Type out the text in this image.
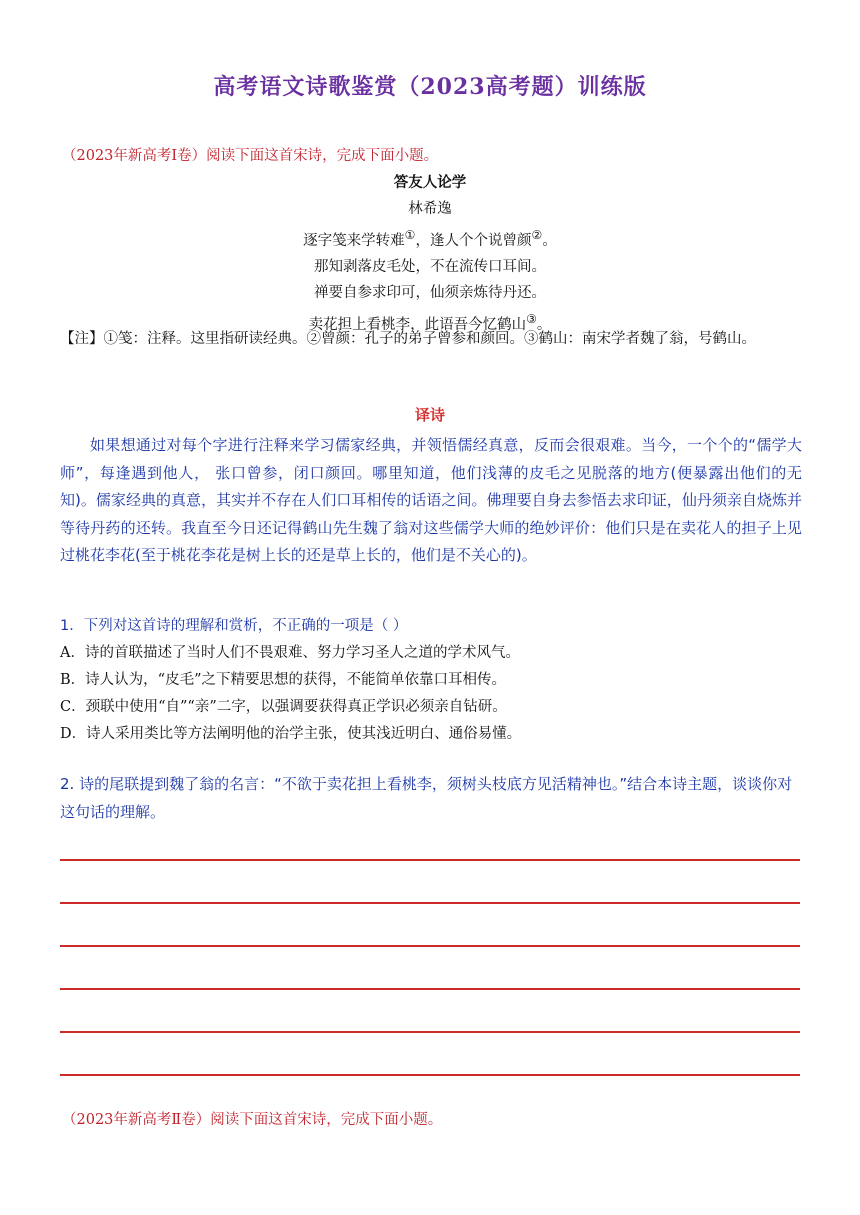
高考语文诗歌鉴赏（2023高考题）训练版
（2023年新高考Ⅰ卷）阅读下面这首宋诗，完成下面小题。
答友人论学
林希逸
逐字笺来学转难①，逢人个个说曾颜②。
那知剥落皮毛处，不在流传口耳间。
禅要自参求印可，仙须亲炼待丹还。
卖花担上看桃李，此语吾今忆鹤山③。
【注】①笺：注释。这里指研读经典。②曾颜：孔子的弟子曾参和颜回。③鹤山：南宋学者魏了翁，号鹤山。
译诗
如果想通过对每个字进行注释来学习儒家经典，并领悟儒经真意，反而会很艰难。当今，一个个的“儒学大师”，每逢遇到他人， 张口曾参，闭口颜回。哪里知道，他们浅薄的皮毛之见脱落的地方(便暴露出他们的无知)。儒家经典的真意，其实并不存在人们口耳相传的话语之间。佛理要自身去参悟去求印证，仙丹须亲自烧炼并等待丹药的还转。我直至今日还记得鹤山先生魏了翁对这些儒学大师的绝妙评价：他们只是在卖花人的担子上见过桃花李花(至于桃花李花是树上长的还是草上长的，他们是不关心的)。
1．下列对这首诗的理解和赏析，不正确的一项是（ ）
A．诗的首联描述了当时人们不畏艰难、努力学习圣人之道的学术风气。
B．诗人认为，“皮毛”之下精要思想的获得，不能简单依靠口耳相传。
C．颈联中使用“自”“亲”二字，以强调要获得真正学识必须亲自钻研。
D．诗人采用类比等方法阐明他的治学主张，使其浅近明白、通俗易懂。
2. 诗的尾联提到魏了翁的名言：“不欲于卖花担上看桃李，须树头枝底方见活精神也。”结合本诗主题，谈谈你对这句话的理解。
（2023年新高考Ⅱ卷）阅读下面这首宋诗，完成下面小题。
